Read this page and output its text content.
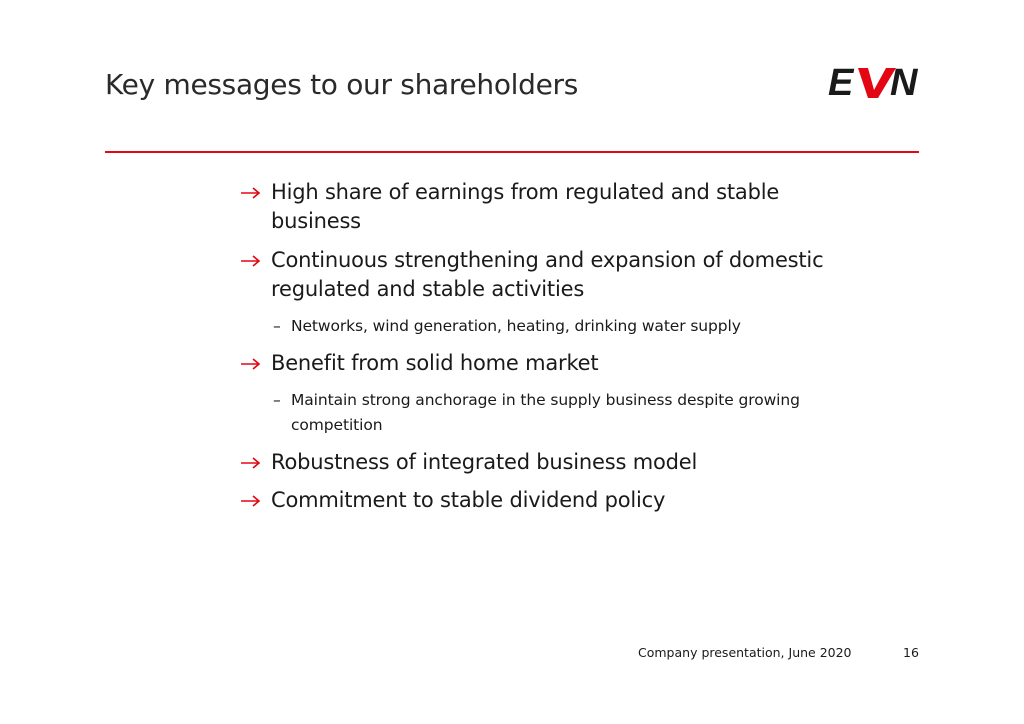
Key messages to our shareholders	E N
High share of earnings from regulated and stable business
Continuous strengthening and expansion of domestic regulated and stable activities
– Networks, wind generation, heating, drinking water supply
Benefit from solid home market
– Maintain strong anchorage in the supply business despite growing competition
Robustness of integrated business model
Commitment to stable dividend policy
Company presentation, June 2020	16
